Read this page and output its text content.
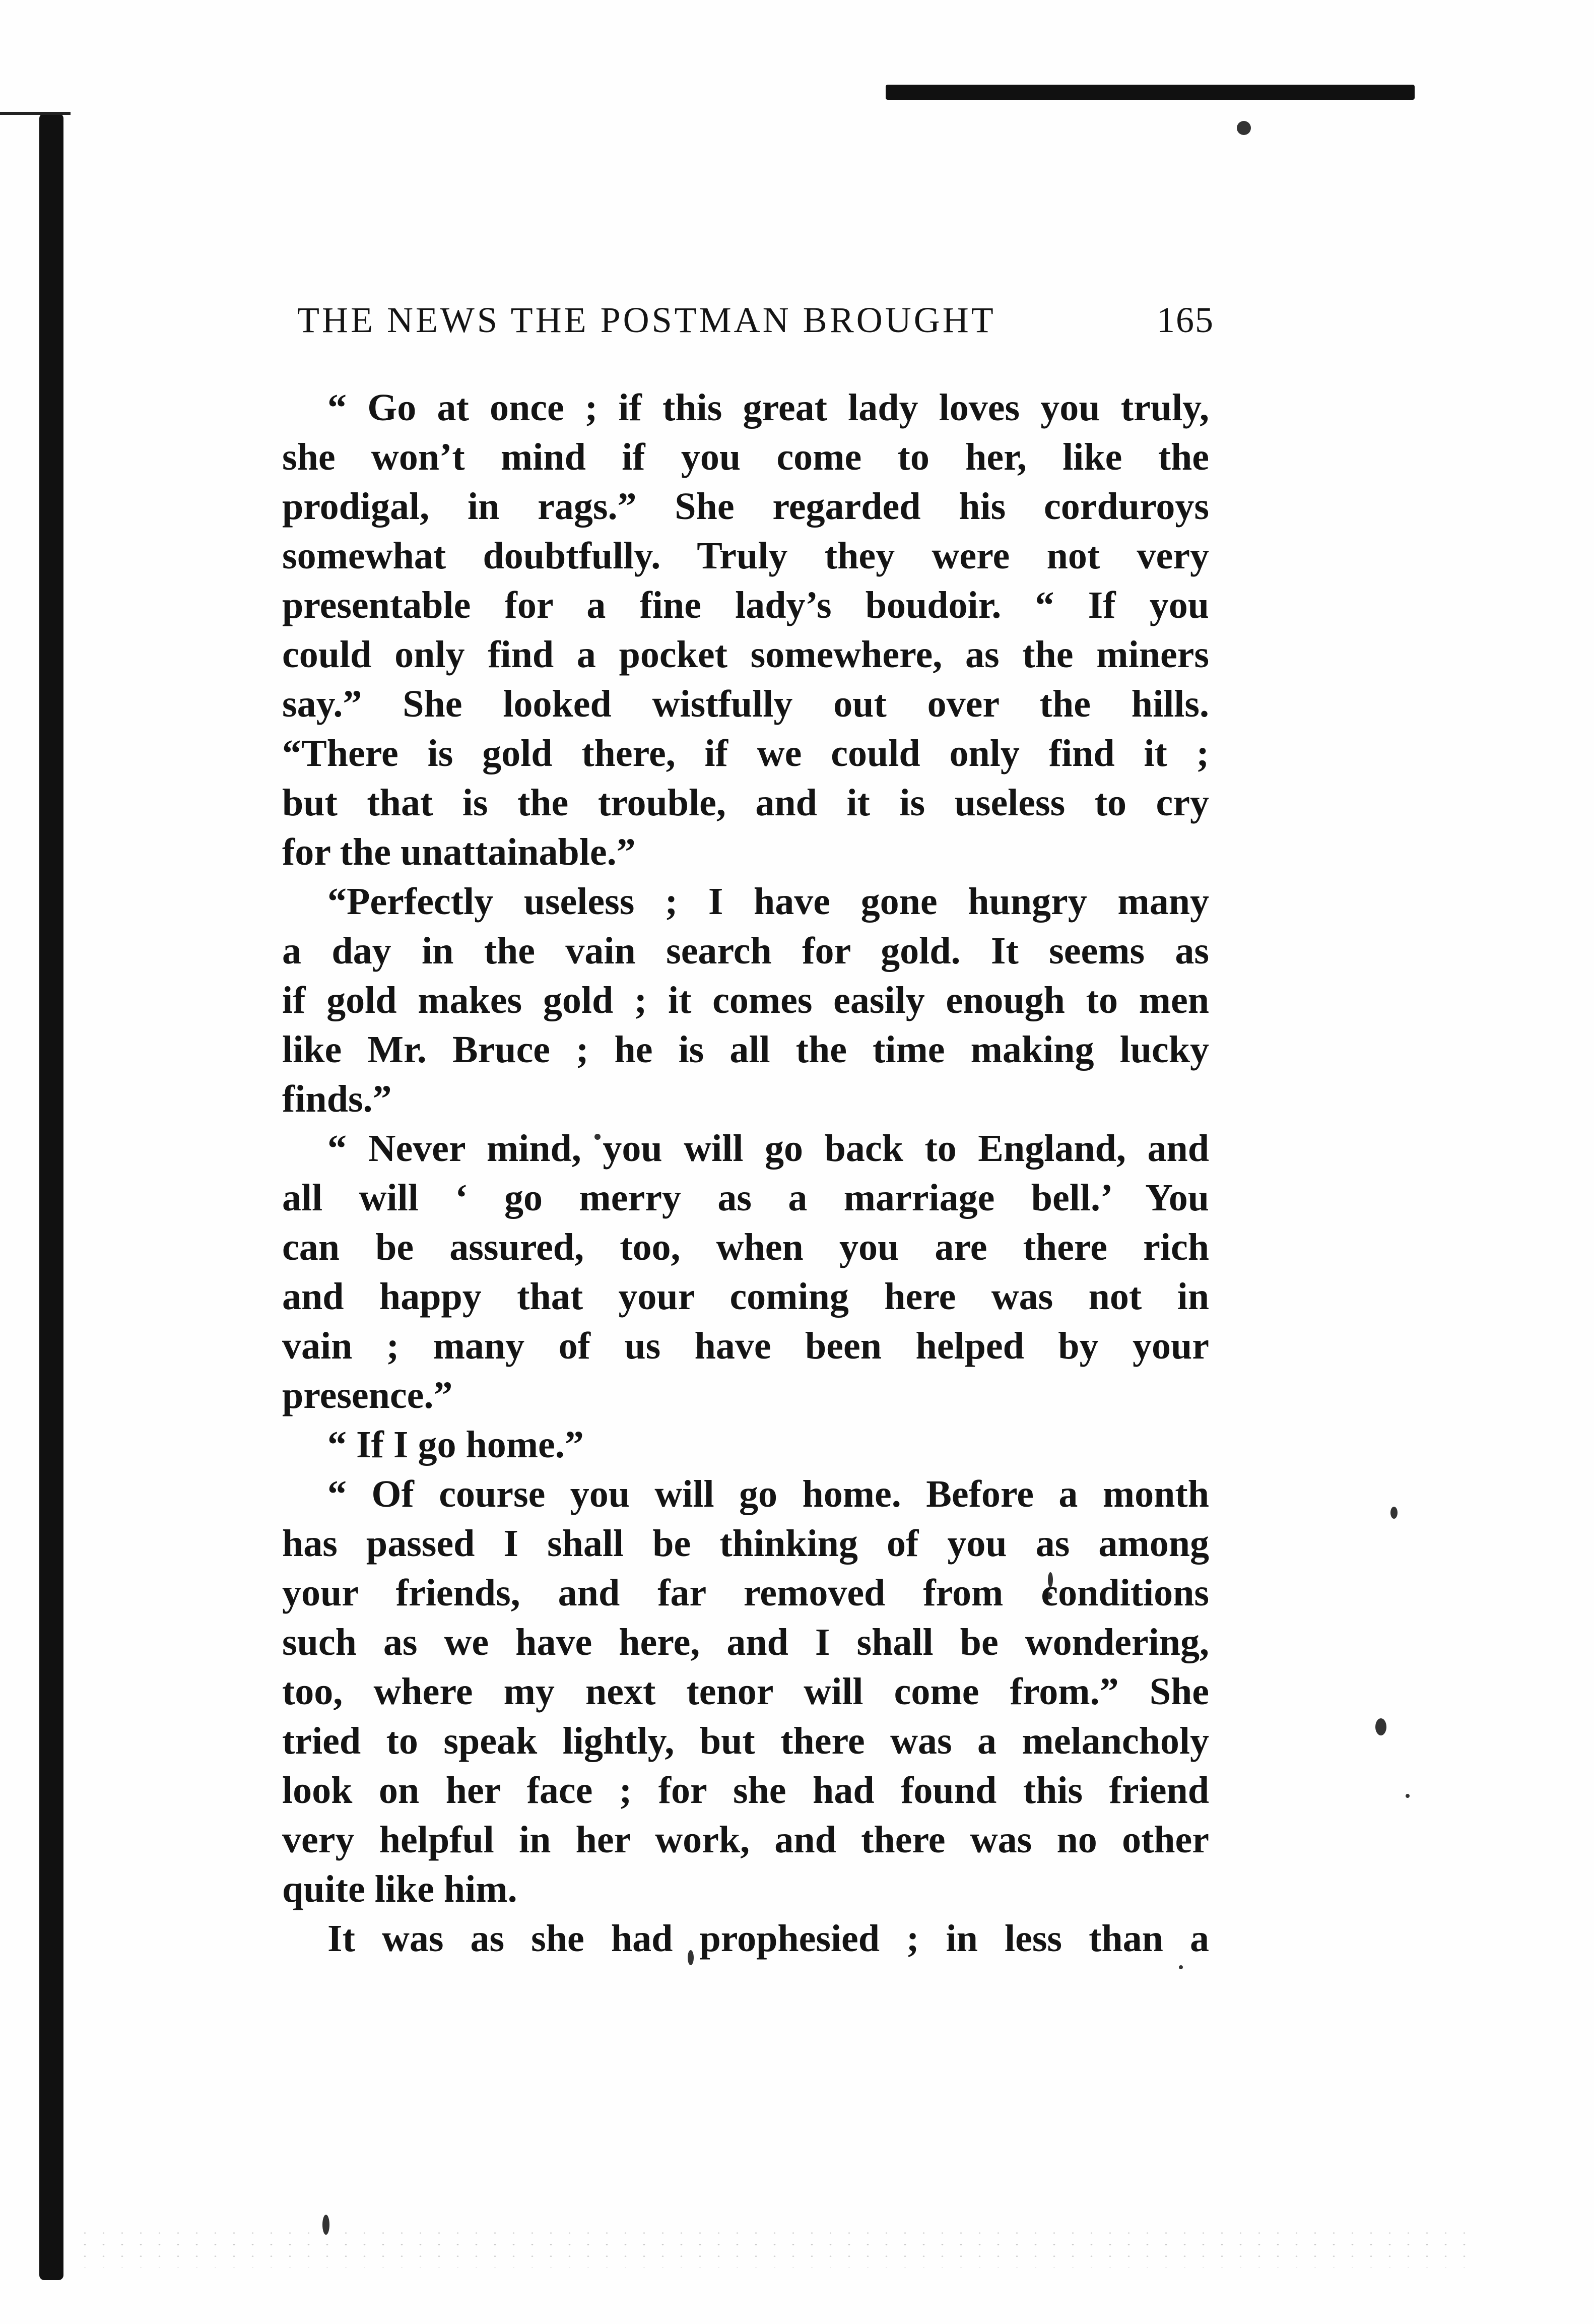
THE NEWS THE POSTMAN BROUGHT	165
“ Go at once ; if this great lady loves you truly,
she won’t mind if you come to her, like the
prodigal, in rags.” She regarded his corduroys
somewhat doubtfully. Truly they were not very
presentable for a fine lady’s boudoir. “ If you
could only find a pocket somewhere, as the miners
say.” She looked wistfully out over the hills.
“There is gold there, if we could only find it ;
but that is the trouble, and it is useless to cry
for the unattainable.”
“Perfectly useless ; I have gone hungry many
a day in the vain search for gold. It seems as
if gold makes gold ; it comes easily enough to men
like Mr. Bruce ; he is all the time making lucky
finds.”
“ Never mind, you will go back to England, and
all will ‘ go merry as a marriage bell.’ You
can be assured, too, when you are there rich
and happy that your coming here was not in
vain ; many of us have been helped by your
presence.”
“ If I go home.”
“ Of course you will go home. Before a month
has passed I shall be thinking of you as among
your friends, and far removed from conditions
such as we have here, and I shall be wondering,
too, where my next tenor will come from.” She
tried to speak lightly, but there was a melancholy
look on her face ; for she had found this friend
very helpful in her work, and there was no other
quite like him.
It was as she had prophesied ; in less than a
